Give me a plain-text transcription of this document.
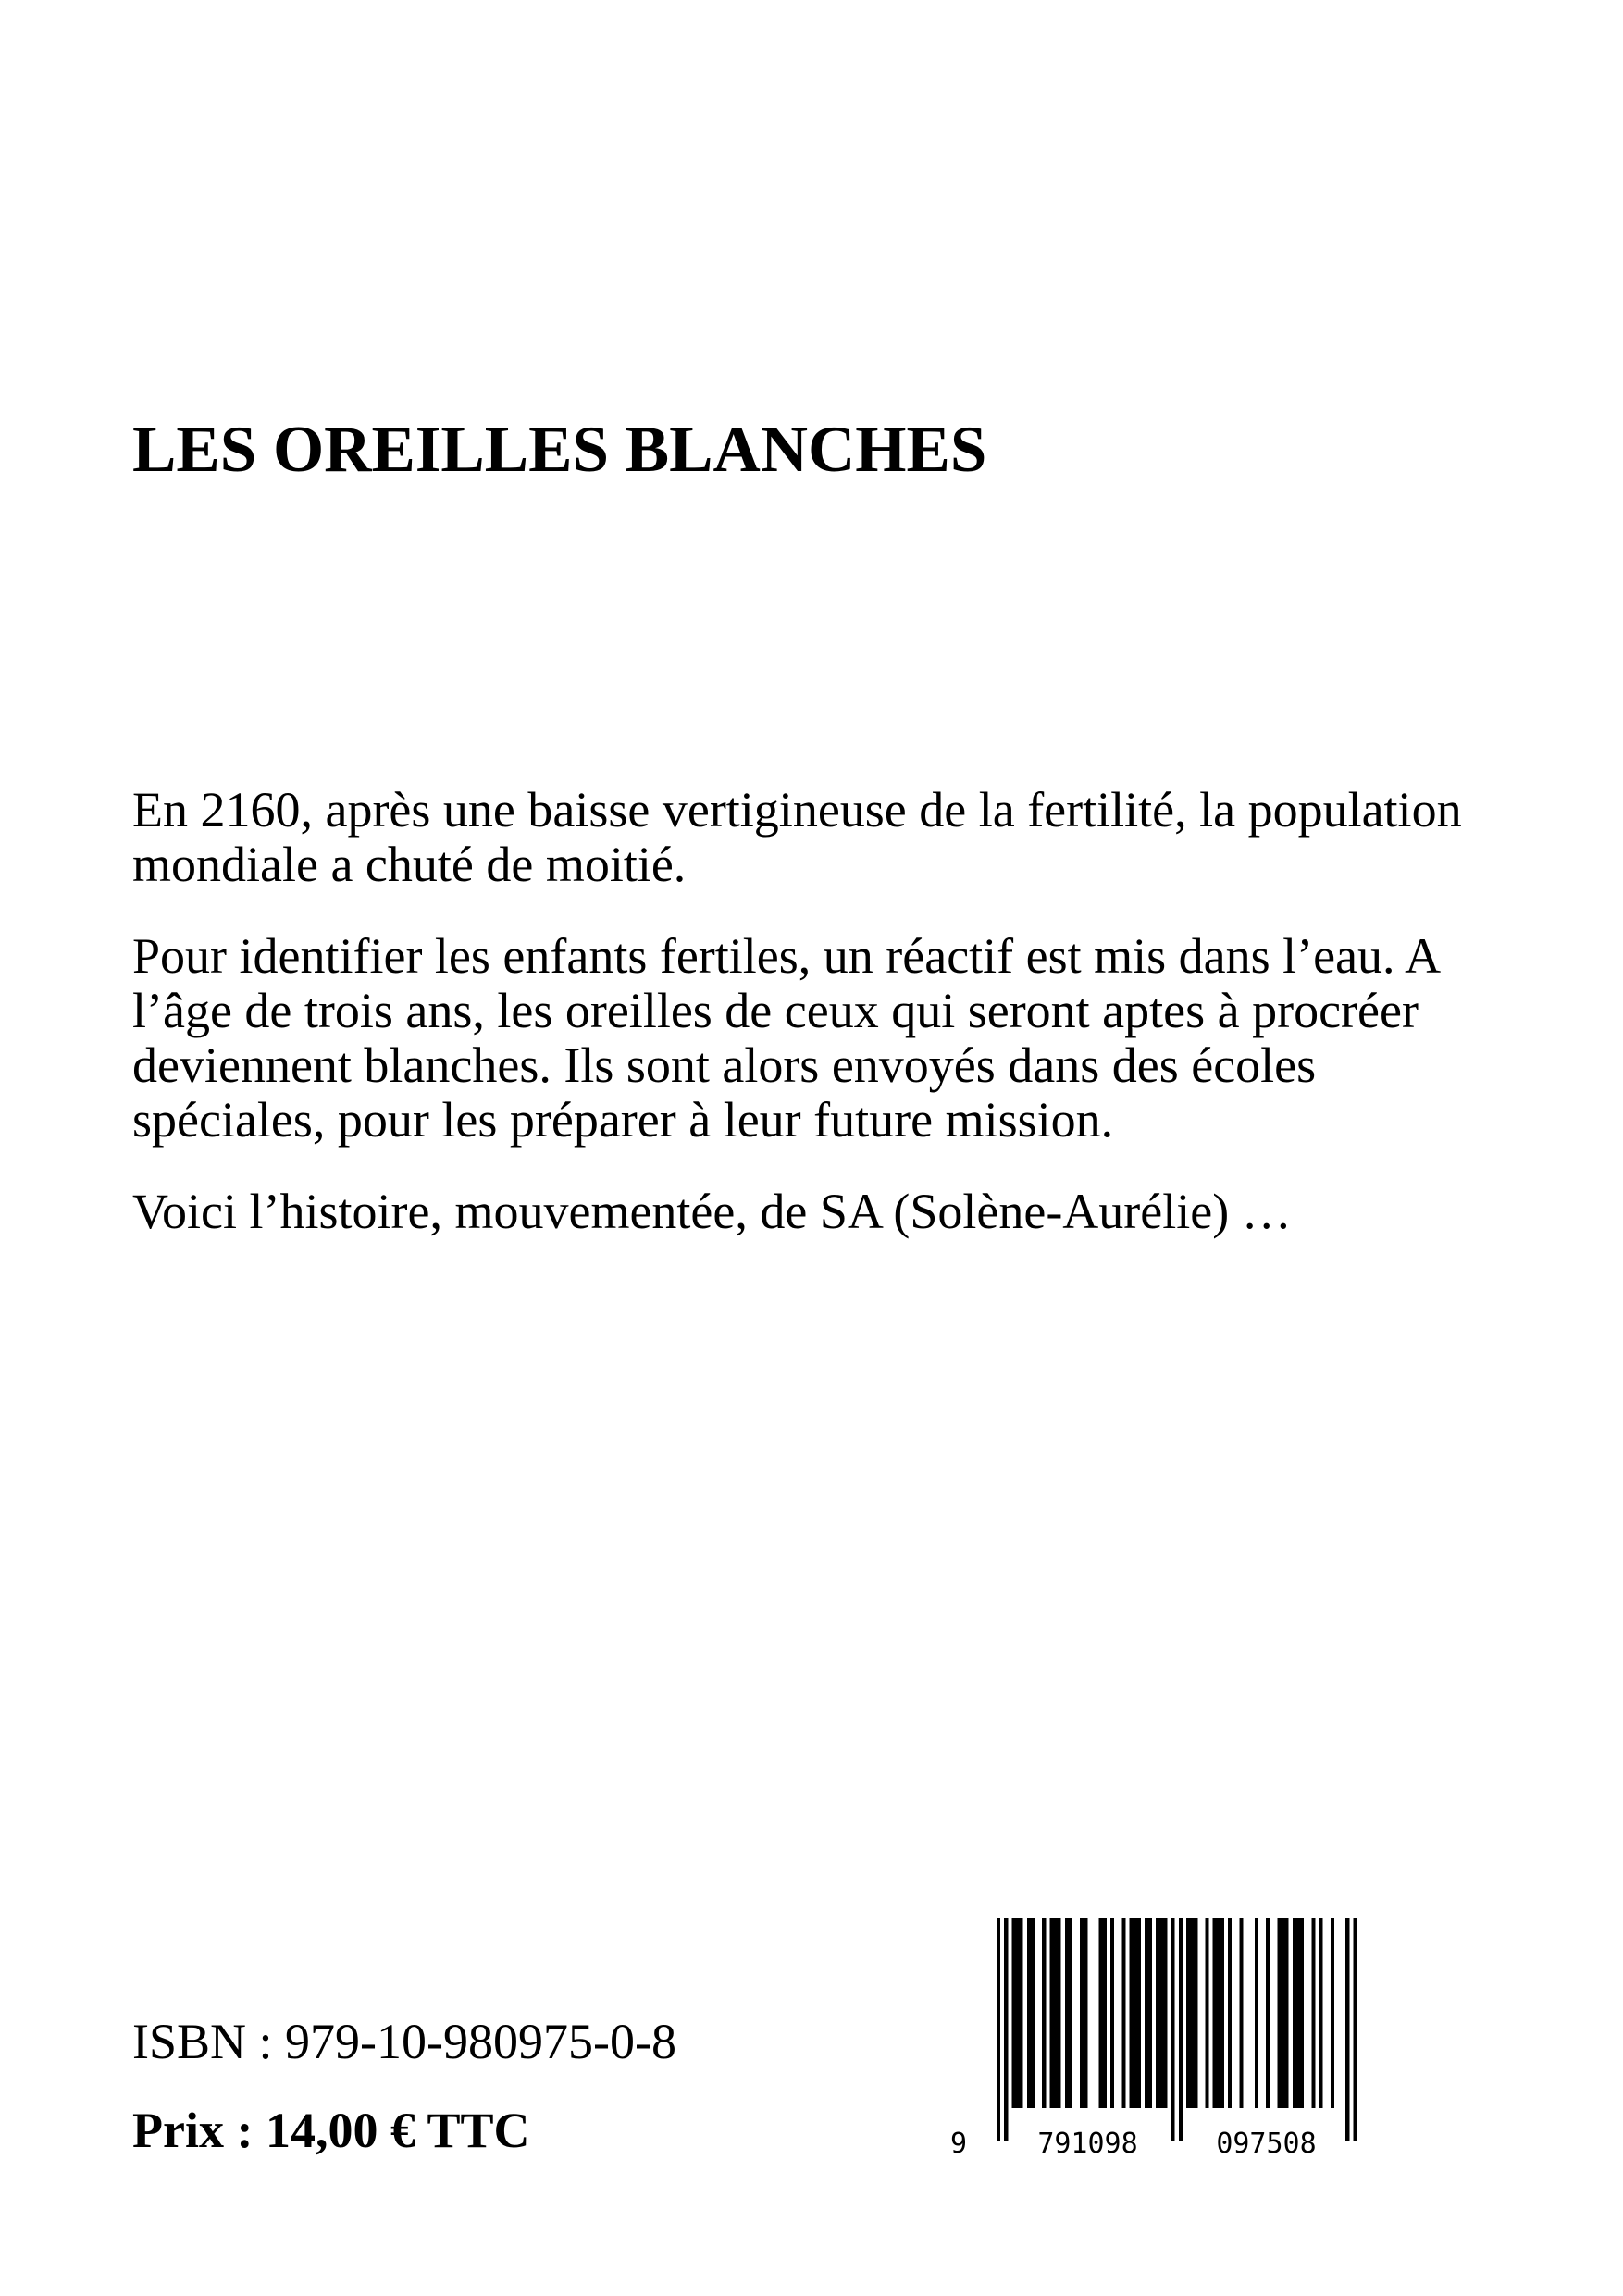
LES OREILLES BLANCHES

En 2160, après une baisse vertigineuse de la fertilité, la population
mondiale a chuté de moitié.

Pour identifier les enfants fertiles, un réactif est mis dans l’eau. A
l’âge de trois ans, les oreilles de ceux qui seront aptes à procréer
deviennent blanches. Ils sont alors envoyés dans des écoles
spéciales, pour les préparer à leur future mission.

Voici l’histoire, mouvementée, de SA (Solène-Aurélie) …

ISBN : 979-10-980975-0-8
Prix : 14,00 € TTC	9	791098	097508
